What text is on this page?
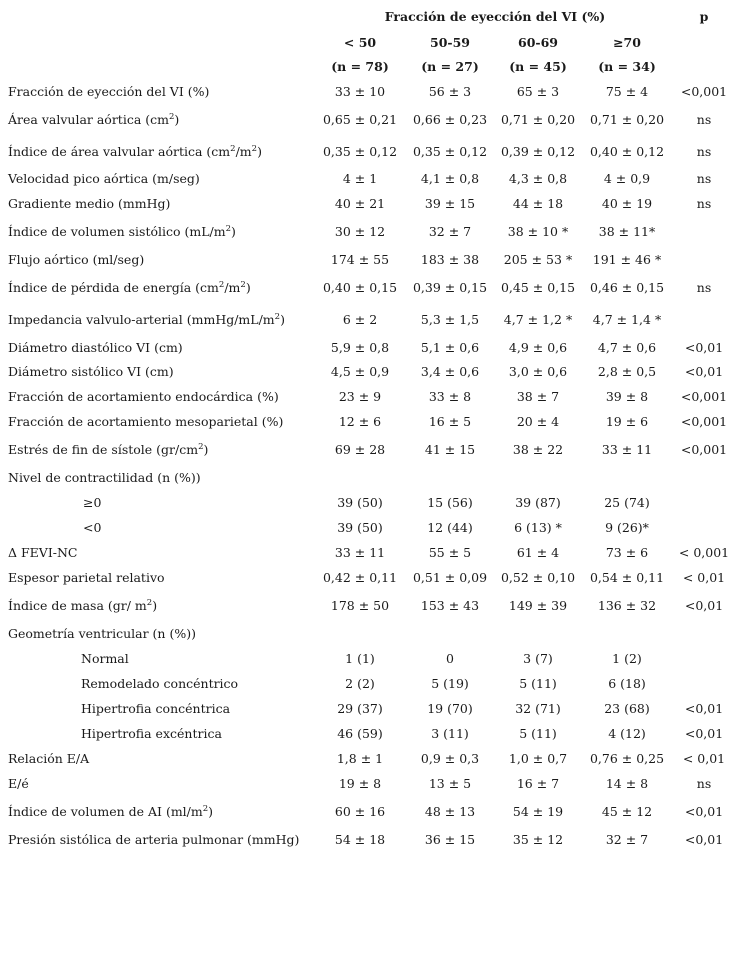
Fracción de eyección del VI (%)	p
< 50	50-59	60-69	≥70
(n = 78)	(n = 27)	(n = 45)	(n = 34)
Fracción de eyección del VI (%)	33 ± 10	56 ± 3	65 ± 3	75 ± 4	<0,001
Área valvular aórtica $(cm^2)$	0,65 ± 0,21	0,66 ± 0,23	0,71 ± 0,20	0,71 ± 0,20	ns
Índice de área valvular aórtica $(cm^2/m^2)$	0,35 ± 0,12	0,35 ± 0,12	0,39 ± 0,12	0,40 ± 0,12	ns
Velocidad pico aórtica (m/seg)	4 ± 1	4,1 ± 0,8	4,3 ± 0,8	4 ± 0,9	ns
Gradiente medio (mmHg)	40 ± 21	39 ± 15	44 ± 18	40 ± 19	ns
Índice de volumen sistólico $(mL/m^2)$	30 ± 12	32 ± 7	38 ± 10 *	38 ± 11*
Flujo aórtico (ml/seg)	174 ± 55	183 ± 38	205 ± 53 *	191 ± 46 *
Índice de pérdida de energía $(cm^2/m^2)$	0,40 ± 0,15	0,39 ± 0,15	0,45 ± 0,15	0,46 ± 0,15	ns
Impedancia valvulo-arterial $(mmHg/mL/m^2)$	6 ± 2	5,3 ± 1,5	4,7 ± 1,2 *	4,7 ± 1,4 *
Diámetro diastólico VI (cm)	5,9 ± 0,8	5,1 ± 0,6	4,9 ± 0,6	4,7 ± 0,6	<0,01
Diámetro sistólico VI (cm)	4,5 ± 0,9	3,4 ± 0,6	3,0 ± 0,6	2,8 ± 0,5	<0,01
Fracción de acortamiento endocárdica (%)	23 ± 9	33 ± 8	38 ± 7	39 ± 8	<0,001
Fracción de acortamiento mesoparietal (%)	12 ± 6	16 ± 5	20 ± 4	19 ± 6	<0,001
Estrés de fin de sístole $(gr/cm^2)$	69 ± 28	41 ± 15	38 ± 22	33 ± 11	<0,001
Nivel de contractilidad (n (%))
≥0	39 (50)	15 (56)	39 (87)	25 (74)
<0	39 (50)	12 (44)	6 (13) *	9 (26)*
Δ FEVI-NC	33 ± 11	55 ± 5	61 ± 4	73 ± 6	< 0,001
Espesor parietal relativo	0,42 ± 0,11	0,51 ± 0,09	0,52 ± 0,10	0,54 ± 0,11	< 0,01
Índice de masa (gr/ $m^2$)	178 ± 50	153 ± 43	149 ± 39	136 ± 32	<0,01
Geometría ventricular (n (%))
Normal	1 (1)	0	3 (7)	1 (2)
Remodelado concéntrico	2 (2)	5 (19)	5 (11)	6 (18)
Hipertrofia concéntrica	29 (37)	19 (70)	32 (71)	23 (68)	<0,01
Hipertrofia excéntrica	46 (59)	3 (11)	5 (11)	4 (12)	<0,01
Relación E/A	1,8 ± 1	0,9 ± 0,3	1,0 ± 0,7	0,76 ± 0,25	< 0,01
E/é	19 ± 8	13 ± 5	16 ± 7	14 ± 8	ns
Índice de volumen de AI $(ml/m^2)$	60 ± 16	48 ± 13	54 ± 19	45 ± 12	<0,01
Presión sistólica de arteria pulmonar (mmHg)	54 ± 18	36 ± 15	35 ± 12	32 ± 7	<0,01
